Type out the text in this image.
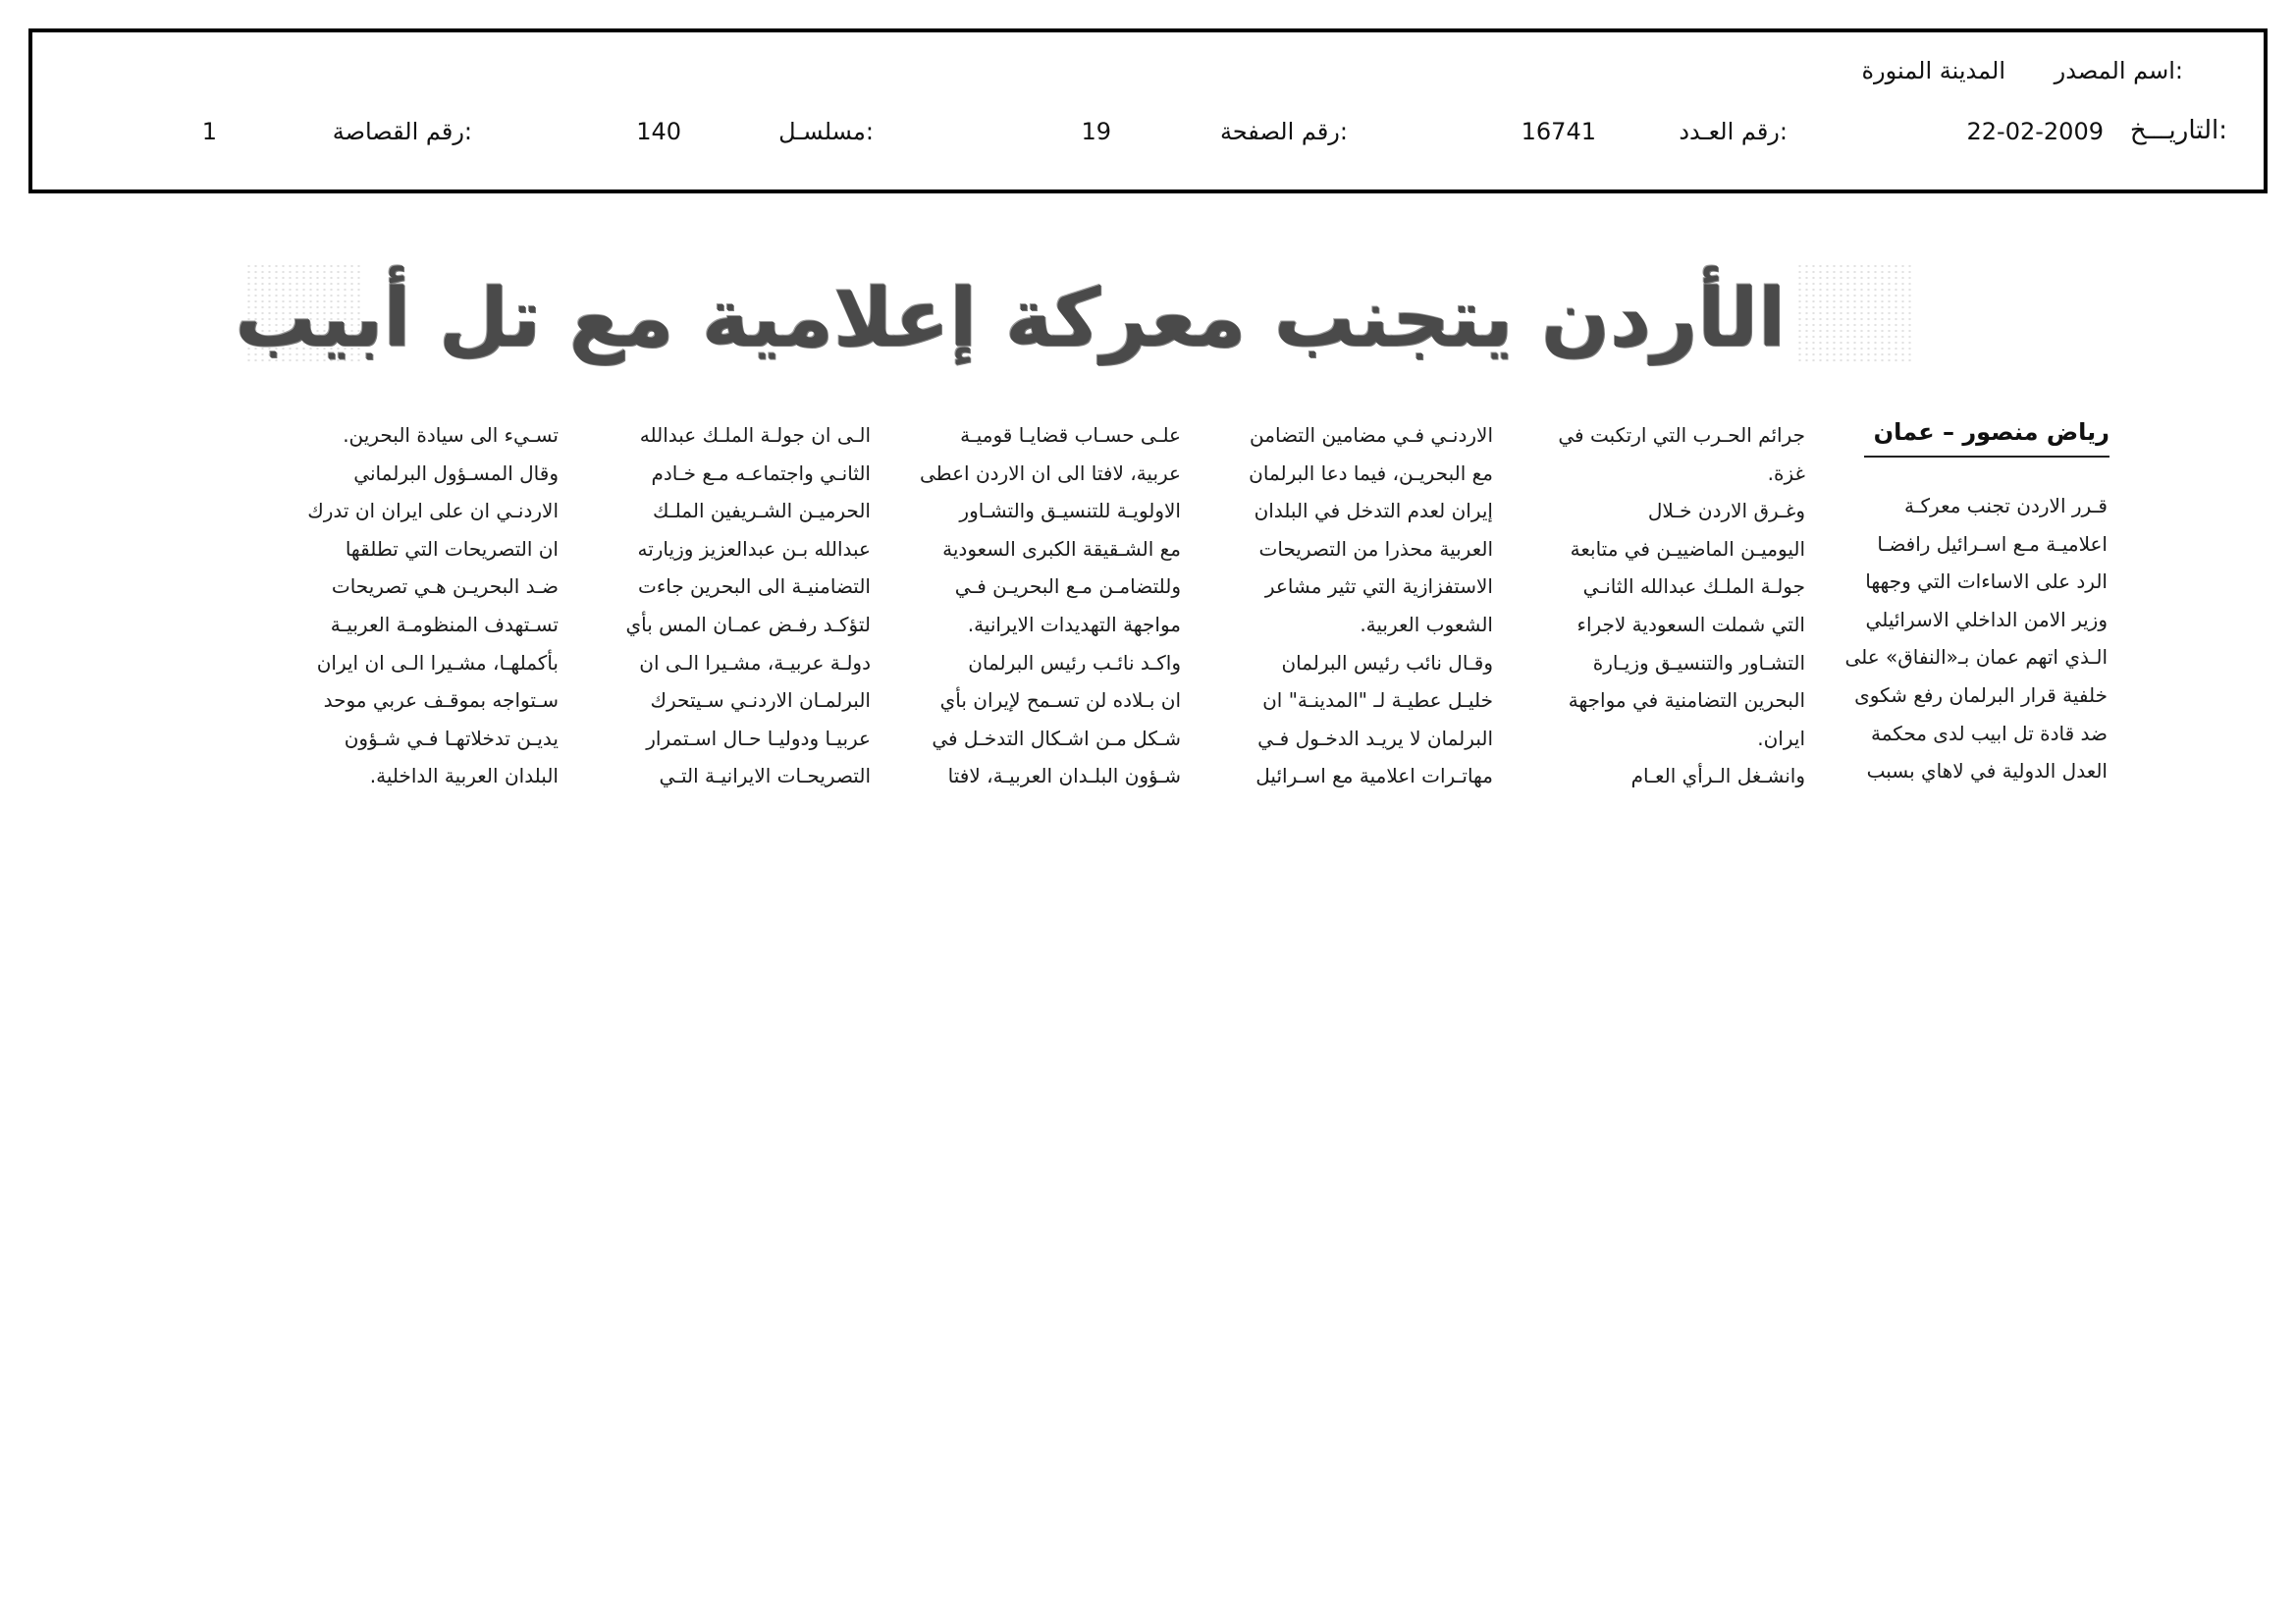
اسم المصدر:
المدينة المنورة
التاريـــخ:
22-02-2009
رقم العـدد:
16741
رقم الصفحة:
19
مسلسـل:
140
رقم القصاصة:
1
الأردن يتجنب معركة إعلامية مع تل أبيب
رياض منصور – عمان
قـرر الاردن تجنب معركـة
اعلاميـة مـع اسـرائيل رافضـا
الرد على الاساءات التي وجهها
وزير الامن الداخلي الاسرائيلي
الـذي اتهم عمان بـ«النفاق» على
خلفية قرار البرلمان رفع شكوى
ضد قادة تل ابيب لدى محكمة
العدل الدولية في لاهاي بسبب
جرائم الحـرب التي ارتكبت في
غزة.
وغـرق الاردن خـلال
اليوميـن الماضييـن في متابعة
جولـة الملـك عبدالله الثانـي
التي شملت السعودية لاجراء
التشـاور والتنسيـق وزيـارة
البحرين التضامنية في مواجهة
ايران.
وانشـغل الـرأي العـام
الاردنـي فـي مضامين التضامن
مع البحريـن، فيما دعا البرلمان
إيران لعدم التدخل في البلدان
العربية محذرا من التصريحات
الاستفزازية التي تثير مشاعر
الشعوب العربية.
وقـال نائب رئيس البرلمان
خليـل عطيـة لـ "المدينـة" ان
البرلمان لا يريـد الدخـول فـي
مهاتـرات اعلامية مع اسـرائيل
علـى حسـاب قضايـا قوميـة
عربية، لافتا الى ان الاردن اعطى
الاولويـة للتنسيـق والتشـاور
مع الشـقيقة الكبرى السعودية
وللتضامـن مـع البحريـن فـي
مواجهة التهديدات الايرانية.
واكـد نائـب رئيس البرلمان
ان بـلاده لن تسـمح لإيران بأي
شـكل مـن اشـكال التدخـل في
شـؤون البلـدان العربيـة، لافتا
الـى ان جولـة الملـك عبدالله
الثانـي واجتماعـه مـع خـادم
الحرميـن الشـريفين الملـك
عبدالله بـن عبدالعزيز وزيارته
التضامنيـة الى البحرين جاءت
لتؤكـد رفـض عمـان المس بأي
دولـة عربيـة، مشـيرا الـى ان
البرلمـان الاردنـي سـيتحرك
عربيـا ودوليـا حـال اسـتمرار
التصريحـات الايرانيـة التـي
تسـيء الى سيادة البحرين.
وقال المسـؤول البرلماني
الاردنـي ان على ايران ان تدرك
ان التصريحات التي تطلقها
ضـد البحريـن هـي تصريحات
تسـتهدف المنظومـة العربيـة
بأكملهـا، مشـيرا الـى ان ايران
سـتواجه بموقـف عربي موحد
يديـن تدخلاتهـا فـي شـؤون
البلدان العربية الداخلية.
